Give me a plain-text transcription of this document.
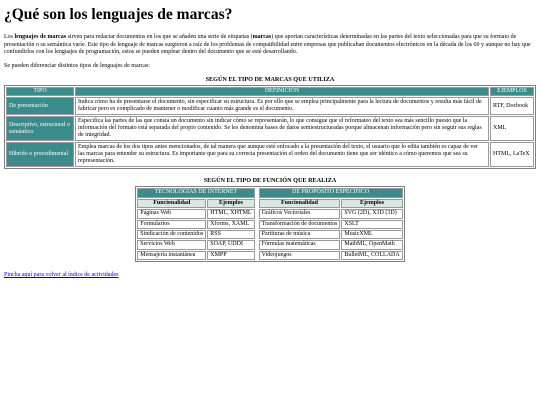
¿Qué son los lenguajes de marcas?

Los lenguajes de marcas sirven para redactar documentos en los que se añaden una serie de etiquetas (marcas) que aportan características determinadas en las partes del texto seleccionadas para que su formato de presentación o su semántica varíe. Este tipo de lenguaje de marcas surgieron a raíz de los problemas de compatibilidad entre empresas que publicaban documentos electrónicos en la década de los 60 y aunque no hay que confundirlos con los lenguajes de programación, estos se pueden emplear dentro del documento que se esté desarrollando.

Se pueden diferenciar distintos tipos de lenguajes de marcas:

SEGÚN EL TIPO DE MARCAS QUE UTILIZA
TIPO	DEFINICIÓN	EJEMPLOS
De presentación	Indica cómo ha de presentarse el documento, sin especificar su estructura. Es por ello que se emplea principalmente para la lectura de documentos y resulta más fácil de fabricar pero es complicado de mantener o modificar cuanto más grande es el documento.	RTF, Docbook
Descriptivo, estructural o semántico	Especifica las partes de las que consta un documento sin indicar cómo se representarán, lo que consigue que el reformateo del texto sea más sencillo puesto que la información del formato está separada del propio contenido. Se les denomina bases de datos semiestructuradas porque almacenan información pero sin seguir sus reglas de integridad.	XML
Híbrido o procedimental	Emplea marcas de los dos tipos antes mencionados, de tal manera que aunque esté enfocado a la presentación del texto, el usuario que lo edita también es capaz de ver las marcas para entender su estructura. Es importante que para su correcta presentación el orden del documento tiene que ser idéntico a cómo queremos que sea su representación.	HTML, LaTeX
SEGÚN EL TIPO DE FUNCIÓN QUE REALIZA
TECNOLOGÍAS DE INTERNET			DE PROPÓSITO ESPECÍFICO	
Funcionalidad	Ejemplos		Funcionalidad	Ejemplos
Páginas Web	HTML, XHTML		Gráficos Vectoriales	SVG (2D), X3D (3D)
Formularios	Xforms, XAML		Transformación de documentos	XSLT
Sindicación de contenidos	RSS		Partituras de música	MusicXML
Servicios Web	SOAP, UDDI		Fórmulas matemáticas	MathML, OpenMath
Mensajería instantánea	XMPP		Videojuegos	BulletML, COLLADA
Pincha aquí para volver al índice de actividades
